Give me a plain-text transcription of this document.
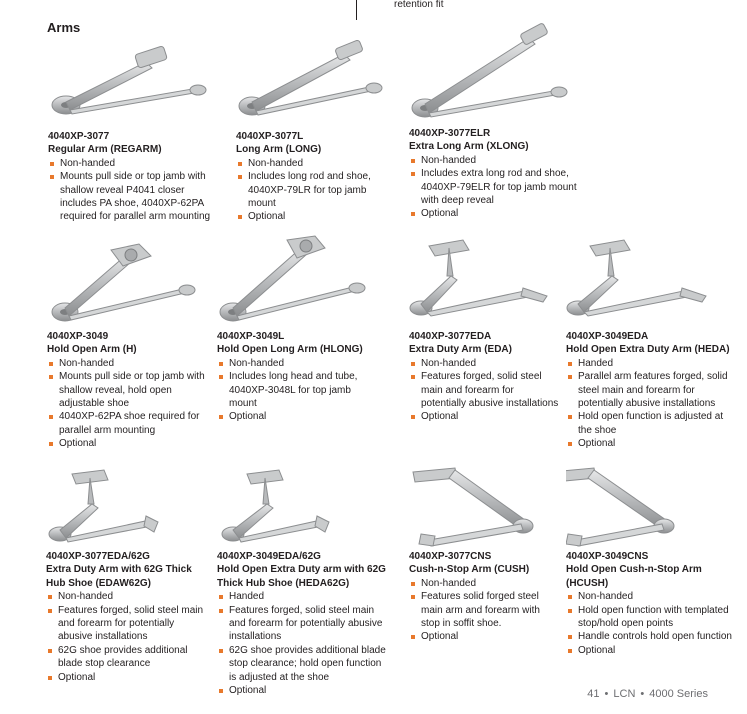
retention fit
Arms
4040XP-3077
Regular Arm (REGARM)
Non-handed
Mounts pull side or top jamb with shallow reveal P4041 closer includes PA shoe, 4040XP-62PA required for parallel arm mounting
4040XP-3077L
Long Arm (LONG)
Non-handed
Includes long rod and shoe, 4040XP-79LR for top jamb mount
Optional
4040XP-3077ELR
Extra Long Arm (XLONG)
Non-handed
Includes extra long rod and shoe, 4040XP-79ELR for top jamb mount with deep reveal
Optional
4040XP-3049
Hold Open Arm (H)
Non-handed
Mounts pull side or top jamb with shallow reveal, hold open adjustable shoe
4040XP-62PA shoe required for parallel arm mounting
Optional
4040XP-3049L
Hold Open Long Arm (HLONG)
Non-handed
Includes long head and tube, 4040XP-3048L for top jamb mount
Optional
4040XP-3077EDA
Extra Duty Arm (EDA)
Non-handed
Features forged, solid steel main and forearm for potentially abusive installations
Optional
4040XP-3049EDA
Hold Open Extra Duty Arm (HEDA)
Handed
Parallel arm features forged, solid steel main and forearm for potentially abusive installations
Hold open function is adjusted at the shoe
Optional
4040XP-3077EDA/62G
Extra Duty Arm with 62G Thick Hub Shoe (EDAW62G)
Non-handed
Features forged, solid steel main and forearm for potentially abusive installations
62G shoe provides additional blade stop clearance
Optional
4040XP-3049EDA/62G
Hold Open Extra Duty arm with 62G Thick Hub Shoe (HEDA62G)
Handed
Features forged, solid steel main and forearm for potentially abusive installations
62G shoe provides additional blade stop clearance; hold open function is adjusted at the shoe
Optional
4040XP-3077CNS
Cush-n-Stop Arm (CUSH)
Non-handed
Features solid forged steel main arm and forearm with stop in soffit shoe.
Optional
4040XP-3049CNS
Hold Open Cush-n-Stop Arm (HCUSH)
Non-handed
Hold open function with templated stop/hold open points
Handle controls hold open function
Optional
41 • LCN • 4000 Series
